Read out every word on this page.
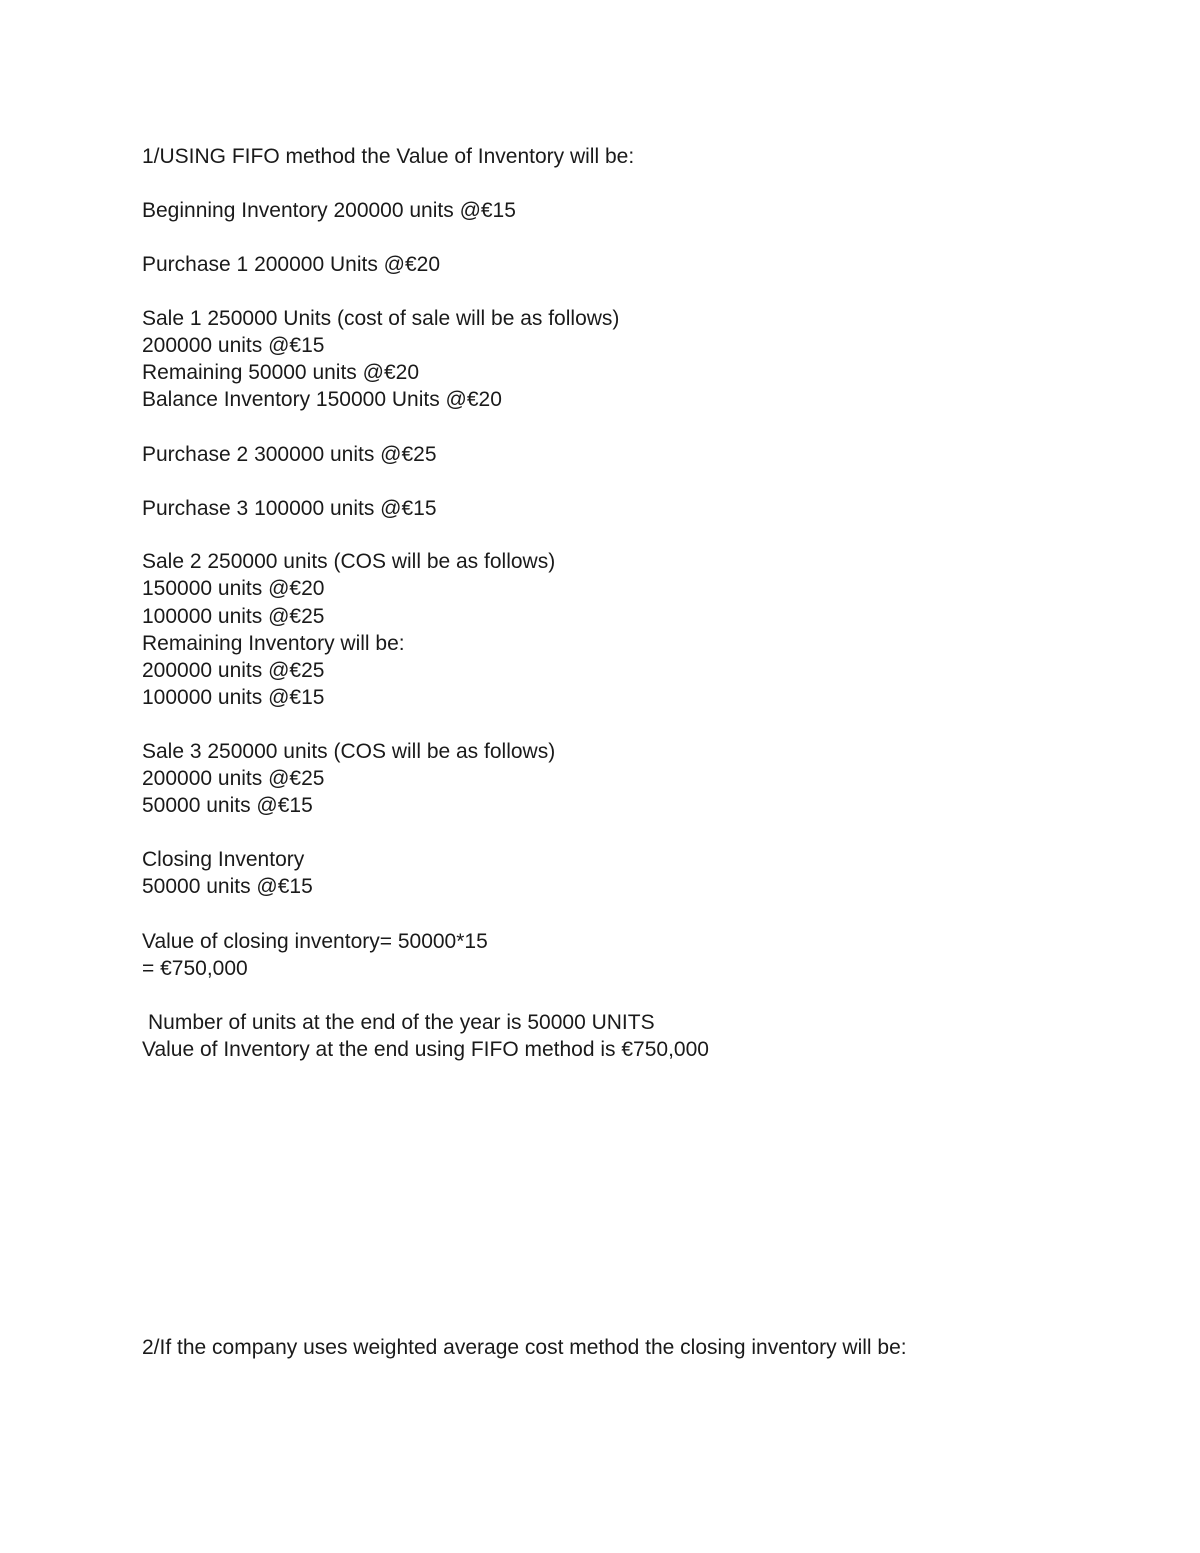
1/USING FIFO method the Value of Inventory will be:
Beginning Inventory 200000 units @€15
Purchase 1 200000 Units @€20
Sale 1 250000 Units (cost of sale will be as follows)
200000 units @€15
Remaining 50000 units @€20
Balance Inventory 150000 Units @€20
Purchase 2 300000 units @€25
Purchase 3 100000 units @€15
Sale 2 250000 units (COS will be as follows)
150000 units @€20
100000 units @€25
Remaining Inventory will be:
200000 units @€25
100000 units @€15
Sale 3 250000 units (COS will be as follows)
200000 units @€25
50000 units @€15
Closing Inventory
50000 units @€15
Value of closing inventory= 50000*15
= €750,000
Number of units at the end of the year is 50000 UNITS
Value of Inventory at the end using FIFO method is €750,000
2/If the company uses weighted average cost method the closing inventory will be:
